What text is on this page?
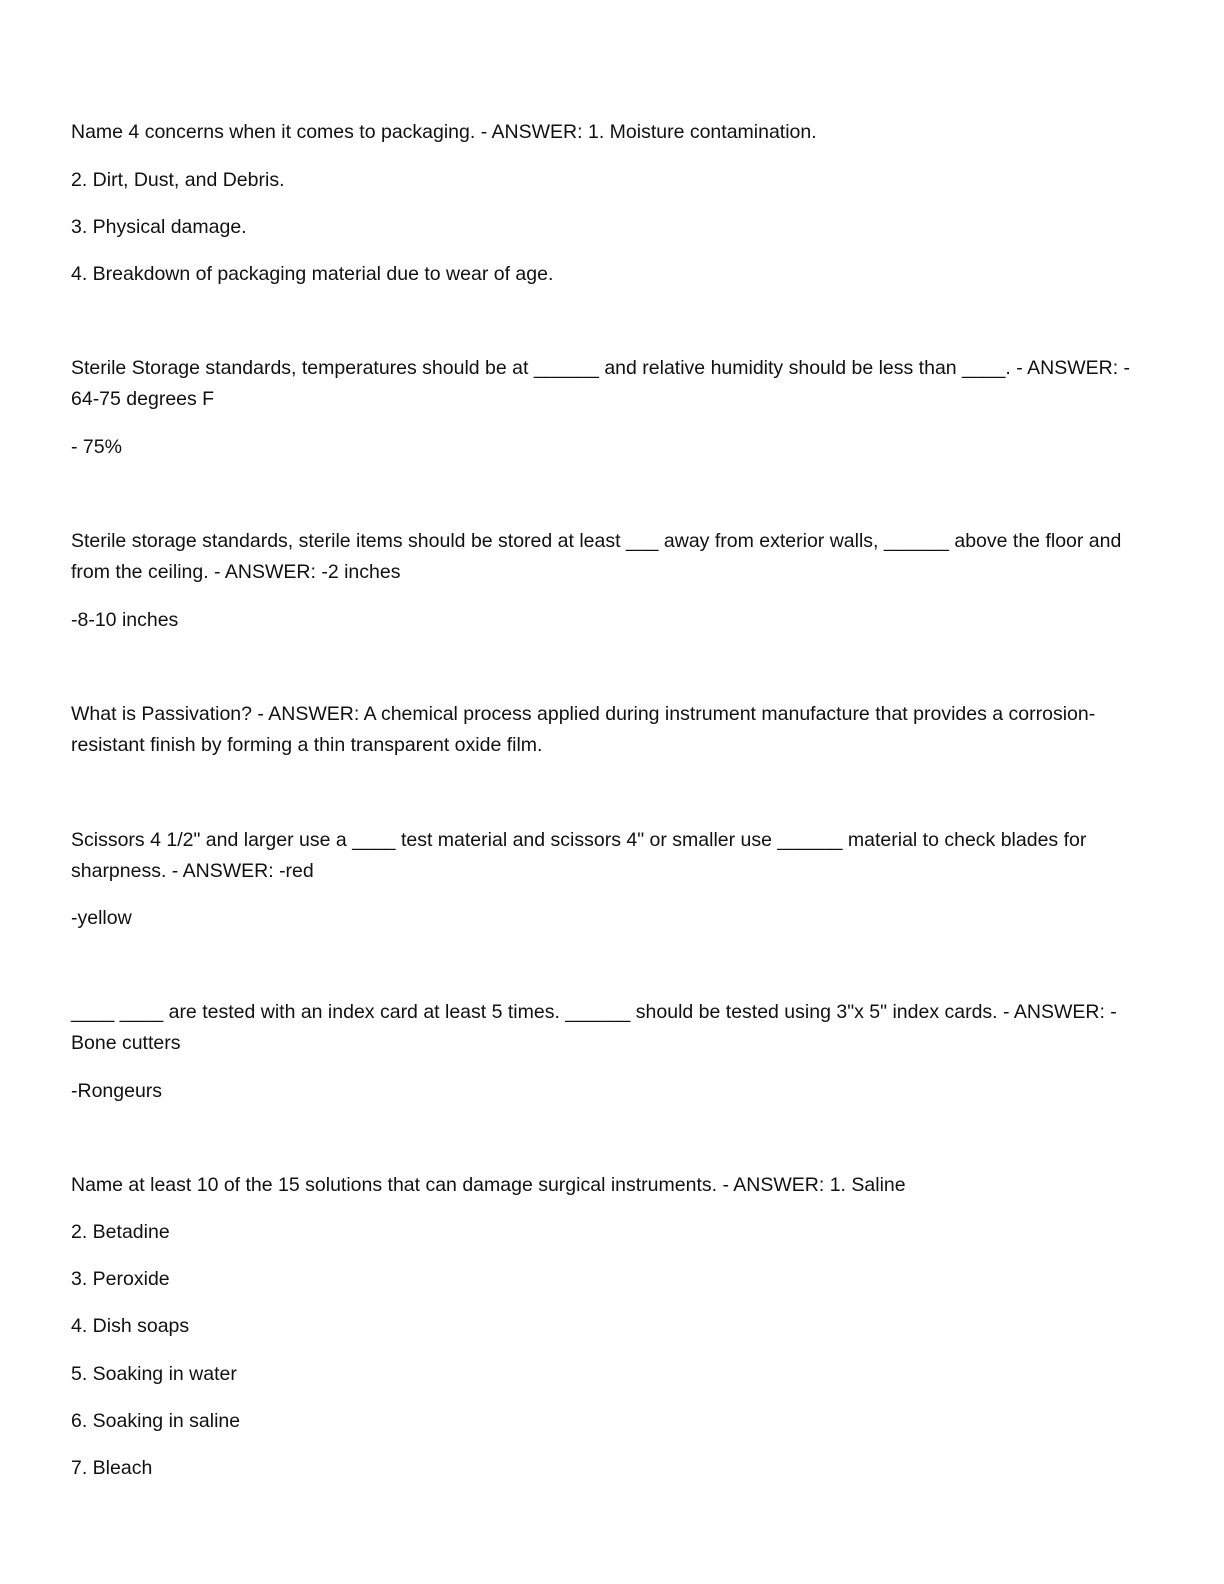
Name 4 concerns when it comes to packaging. - ANSWER: 1. Moisture contamination.
2. Dirt, Dust, and Debris.
3. Physical damage.
4. Breakdown of packaging material due to wear of age.
Sterile Storage standards, temperatures should be at ______ and relative humidity should be less than ____. - ANSWER: - 64-75 degrees F
- 75%
Sterile storage standards, sterile items should be stored at least ___ away from exterior walls, ______ above the floor and from the ceiling. - ANSWER: -2 inches
-8-10 inches
What is Passivation? - ANSWER: A chemical process applied during instrument manufacture that provides a corrosion-resistant finish by forming a thin transparent oxide film.
Scissors 4 1/2" and larger use a ____ test material and scissors 4" or smaller use ______ material to check blades for sharpness. - ANSWER: -red
-yellow
____ ____ are tested with an index card at least 5 times. ______ should be tested using 3"x 5" index cards. - ANSWER: -Bone cutters
-Rongeurs
Name at least 10 of the 15 solutions that can damage surgical instruments. - ANSWER: 1. Saline
2. Betadine
3. Peroxide
4. Dish soaps
5. Soaking in water
6. Soaking in saline
7. Bleach
